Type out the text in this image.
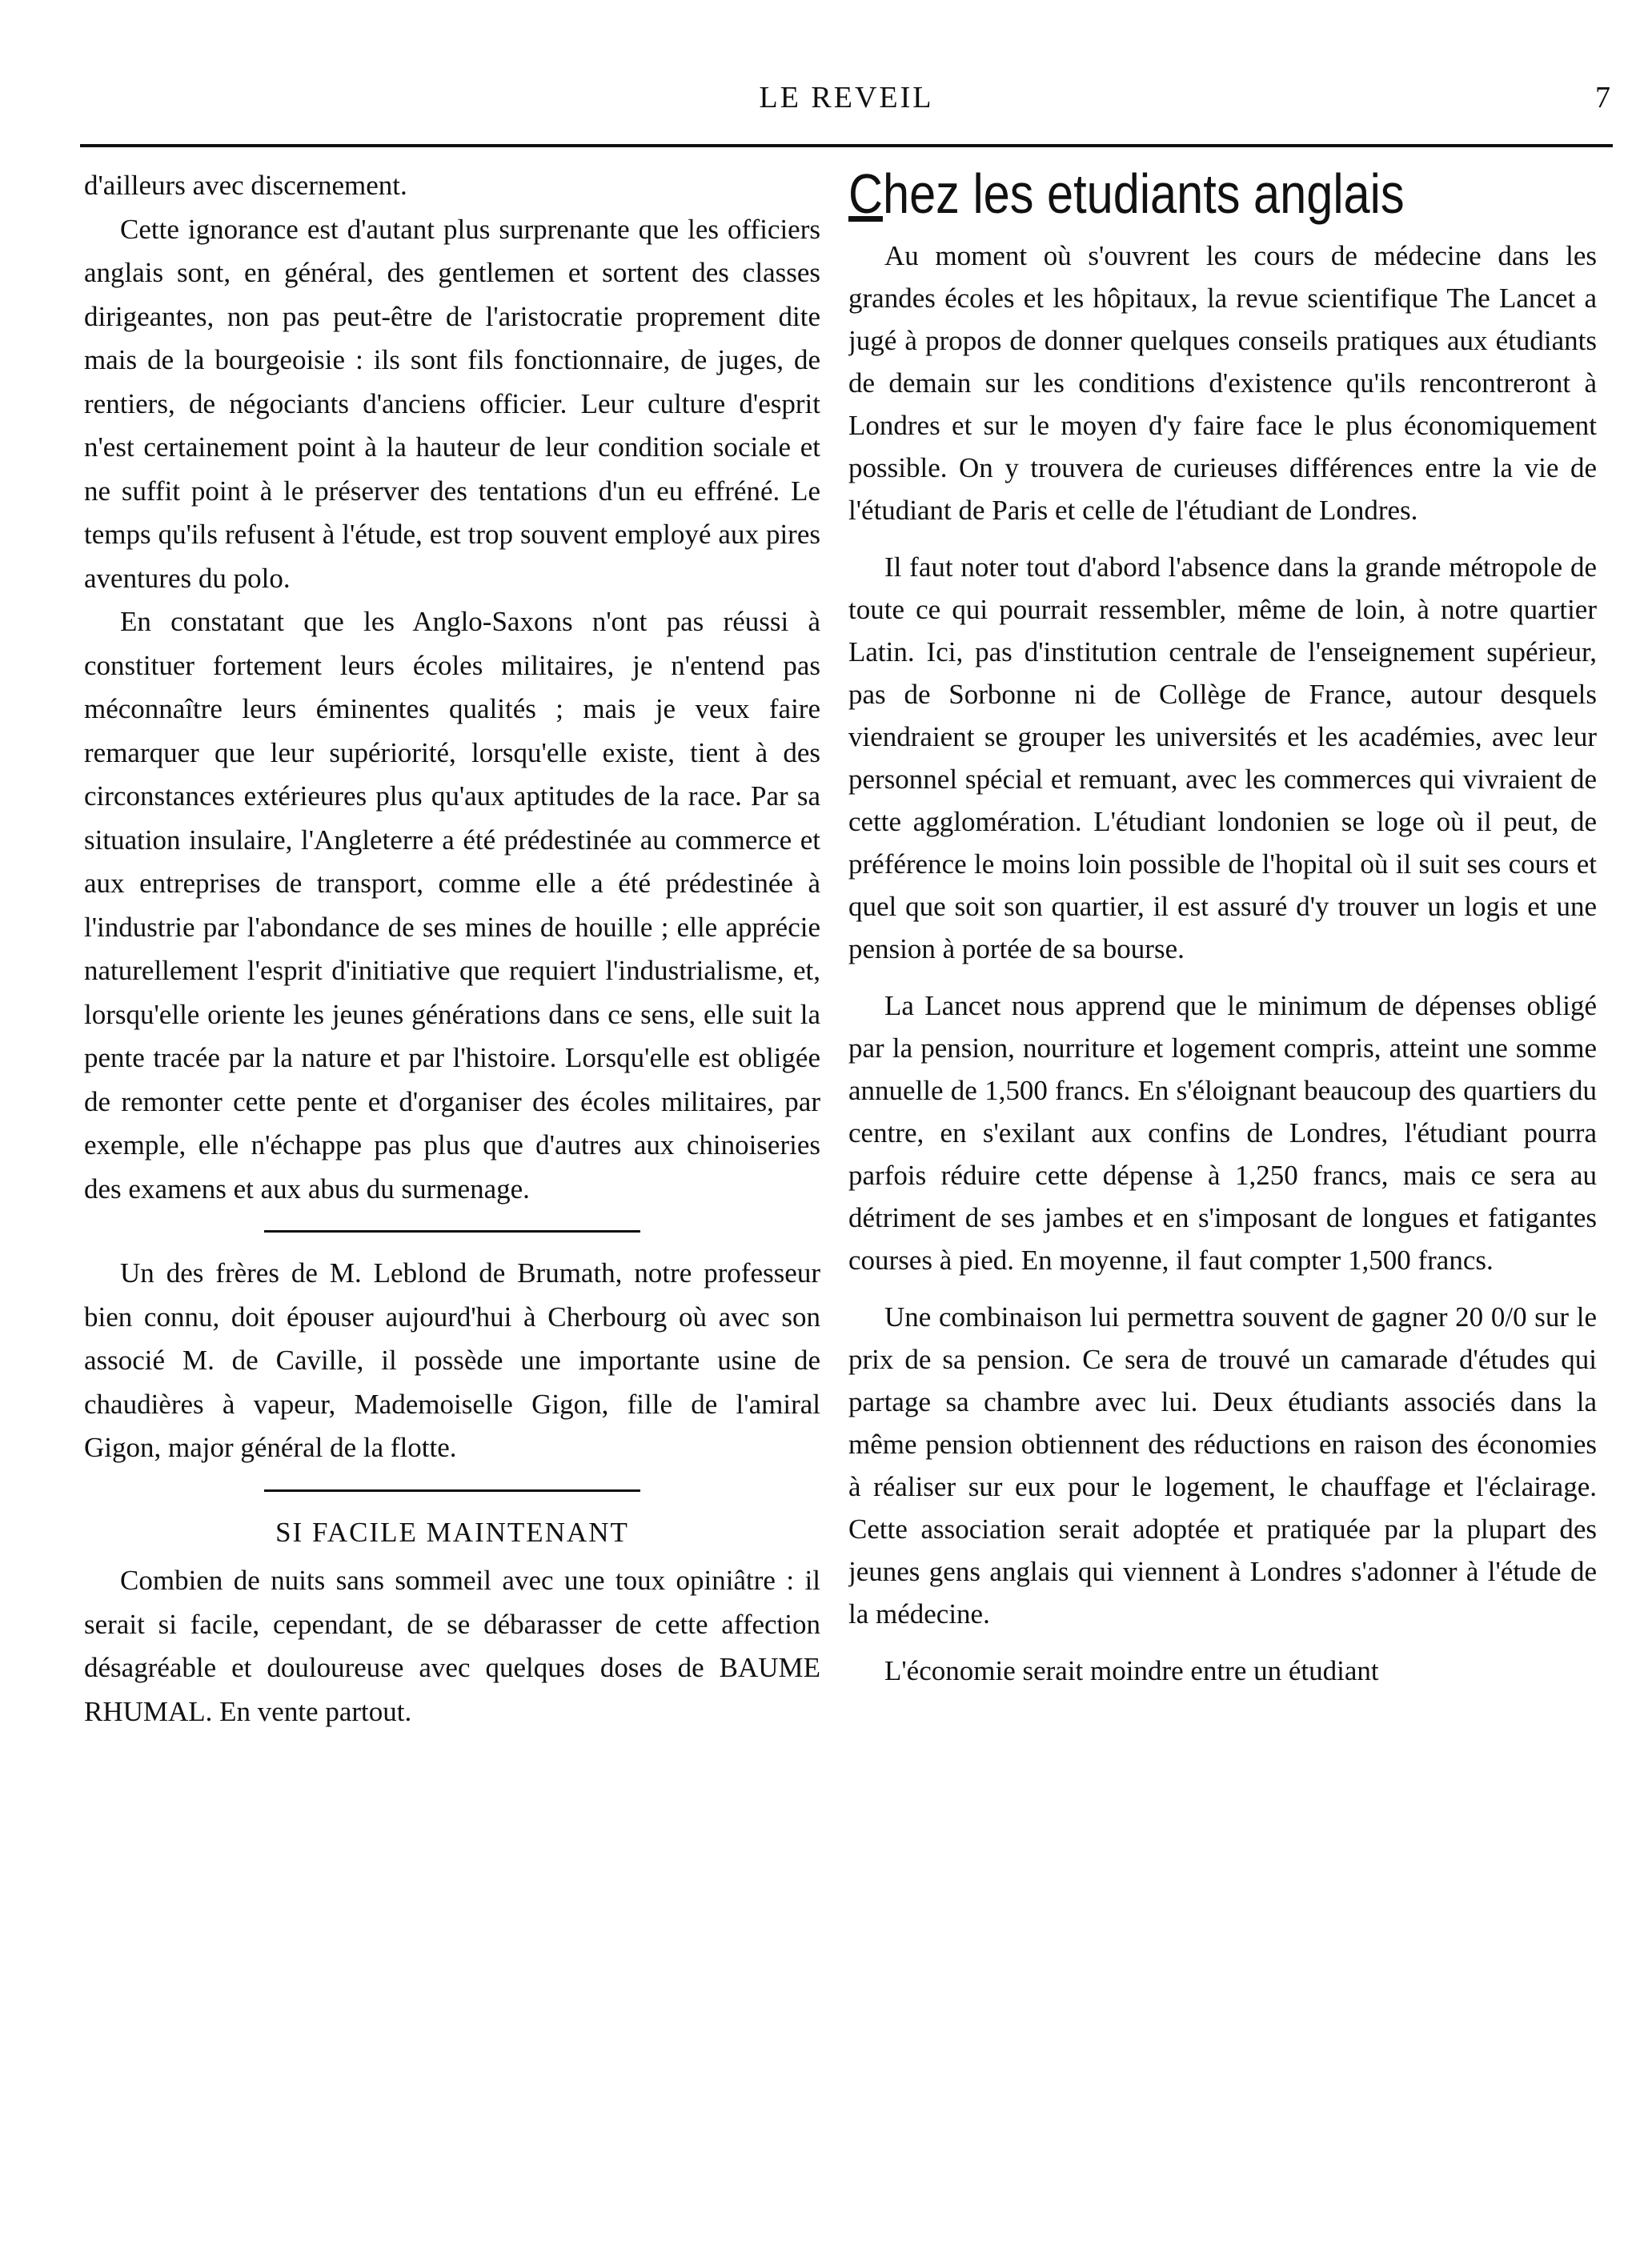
LE REVEIL	7

d'ailleurs avec discernement.

Cette ignorance est d'autant plus surprenante que les officiers anglais sont, en général, des gentlemen et sortent des classes dirigeantes, non pas peut-être de l'aristocratie proprement dite mais de la bourgeoisie : ils sont fils fonctionnaire, de juges, de rentiers, de négociants d'anciens officier. Leur culture d'esprit n'est certainement point à la hauteur de leur condition sociale et ne suffit point à le préserver des tentations d'un eu effréné. Le temps qu'ils refusent à l'étude, est trop souvent employé aux pires aventures du polo.

En constatant que les Anglo-Saxons n'ont pas réussi à constituer fortement leurs écoles militaires, je n'entend pas méconnaître leurs éminentes qualités ; mais je veux faire remarquer que leur supériorité, lorsqu'elle existe, tient à des circonstances extérieures plus qu'aux aptitudes de la race. Par sa situation insulaire, l'Angleterre a été prédestinée au commerce et aux entreprises de transport, comme elle a été prédestinée à l'industrie par l'abondance de ses mines de houille ; elle apprécie naturellement l'esprit d'initiative que requiert l'industrialisme, et, lorsqu'elle oriente les jeunes générations dans ce sens, elle suit la pente tracée par la nature et par l'histoire. Lorsqu'elle est obligée de remonter cette pente et d'organiser des écoles militaires, par exemple, elle n'échappe pas plus que d'autres aux chinoiseries des examens et aux abus du surmenage.

Un des frères de M. Leblond de Brumath, notre professeur bien connu, doit épouser aujourd'hui à Cherbourg où avec son associé M. de Caville, il possède une importante usine de chaudières à vapeur, Mademoiselle Gigon, fille de l'amiral Gigon, major général de la flotte.

SI FACILE MAINTENANT

Combien de nuits sans sommeil avec une toux opiniâtre : il serait si facile, cependant, de se débarasser de cette affection désagréable et douloureuse avec quelques doses de BAUME RHUMAL. En vente partout.

Chez les etudiants anglais

Au moment où s'ouvrent les cours de médecine dans les grandes écoles et les hôpitaux, la revue scientifique The Lancet a jugé à propos de donner quelques conseils pratiques aux étudiants de demain sur les conditions d'existence qu'ils rencontreront à Londres et sur le moyen d'y faire face le plus économiquement possible. On y trouvera de curieuses différences entre la vie de l'étudiant de Paris et celle de l'étudiant de Londres.

Il faut noter tout d'abord l'absence dans la grande métropole de toute ce qui pourrait ressembler, même de loin, à notre quartier Latin. Ici, pas d'institution centrale de l'enseignement supérieur, pas de Sorbonne ni de Collège de France, autour desquels viendraient se grouper les universités et les académies, avec leur personnel spécial et remuant, avec les commerces qui vivraient de cette agglomération. L'étudiant londonien se loge où il peut, de préférence le moins loin possible de l'hopital où il suit ses cours et quel que soit son quartier, il est assuré d'y trouver un logis et une pension à portée de sa bourse.

La Lancet nous apprend que le minimum de dépenses obligé par la pension, nourriture et logement compris, atteint une somme annuelle de 1,500 francs. En s'éloignant beaucoup des quartiers du centre, en s'exilant aux confins de Londres, l'étudiant pourra parfois réduire cette dépense à 1,250 francs, mais ce sera au détriment de ses jambes et en s'imposant de longues et fatigantes courses à pied. En moyenne, il faut compter 1,500 francs.

Une combinaison lui permettra souvent de gagner 20 0/0 sur le prix de sa pension. Ce sera de trouvé un camarade d'études qui partage sa chambre avec lui. Deux étudiants associés dans la même pension obtiennent des réductions en raison des économies à réaliser sur eux pour le logement, le chauffage et l'éclairage. Cette association serait adoptée et pratiquée par la plupart des jeunes gens anglais qui viennent à Londres s'adonner à l'étude de la médecine.

L'économie serait moindre entre un étudiant
